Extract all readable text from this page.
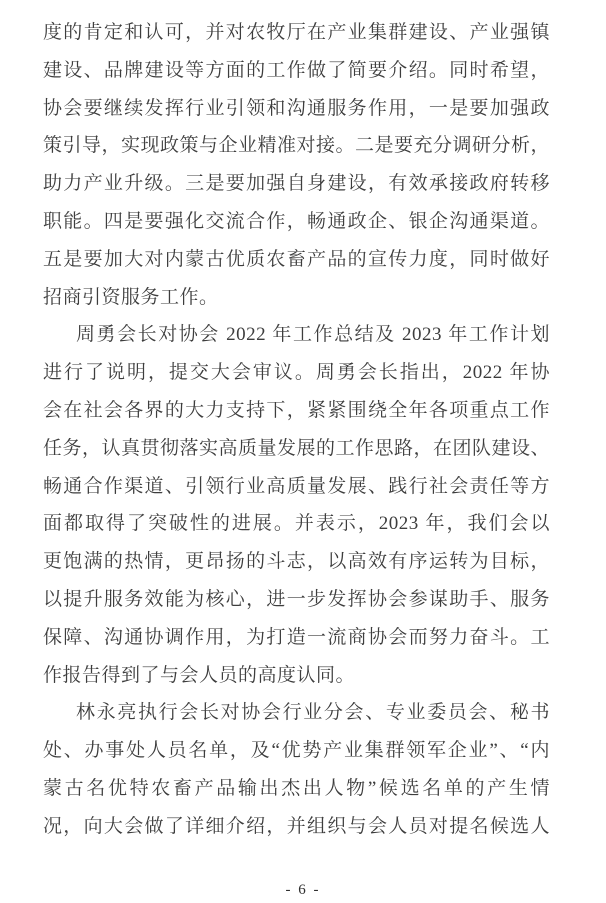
度的肯定和认可，并对农牧厅在产业集群建设、产业强镇
建设、品牌建设等方面的工作做了简要介绍。同时希望，
协会要继续发挥行业引领和沟通服务作用，一是要加强政
策引导，实现政策与企业精准对接。二是要充分调研分析，
助力产业升级。三是要加强自身建设，有效承接政府转移
职能。四是要强化交流合作，畅通政企、银企沟通渠道。
五是要加大对内蒙古优质农畜产品的宣传力度，同时做好
招商引资服务工作。
周勇会长对协会 2022 年工作总结及 2023 年工作计划
进行了说明，提交大会审议。周勇会长指出，2022 年协
会在社会各界的大力支持下，紧紧围绕全年各项重点工作
任务，认真贯彻落实高质量发展的工作思路，在团队建设、
畅通合作渠道、引领行业高质量发展、践行社会责任等方
面都取得了突破性的进展。并表示，2023 年，我们会以
更饱满的热情，更昂扬的斗志，以高效有序运转为目标，
以提升服务效能为核心，进一步发挥协会参谋助手、服务
保障、沟通协调作用，为打造一流商协会而努力奋斗。工
作报告得到了与会人员的高度认同。
林永亮执行会长对协会行业分会、专业委员会、秘书
处、办事处人员名单，及“优势产业集群领军企业”、“内
蒙古名优特农畜产品输出杰出人物”候选名单的产生情
况，向大会做了详细介绍，并组织与会人员对提名候选人
- 6 -
